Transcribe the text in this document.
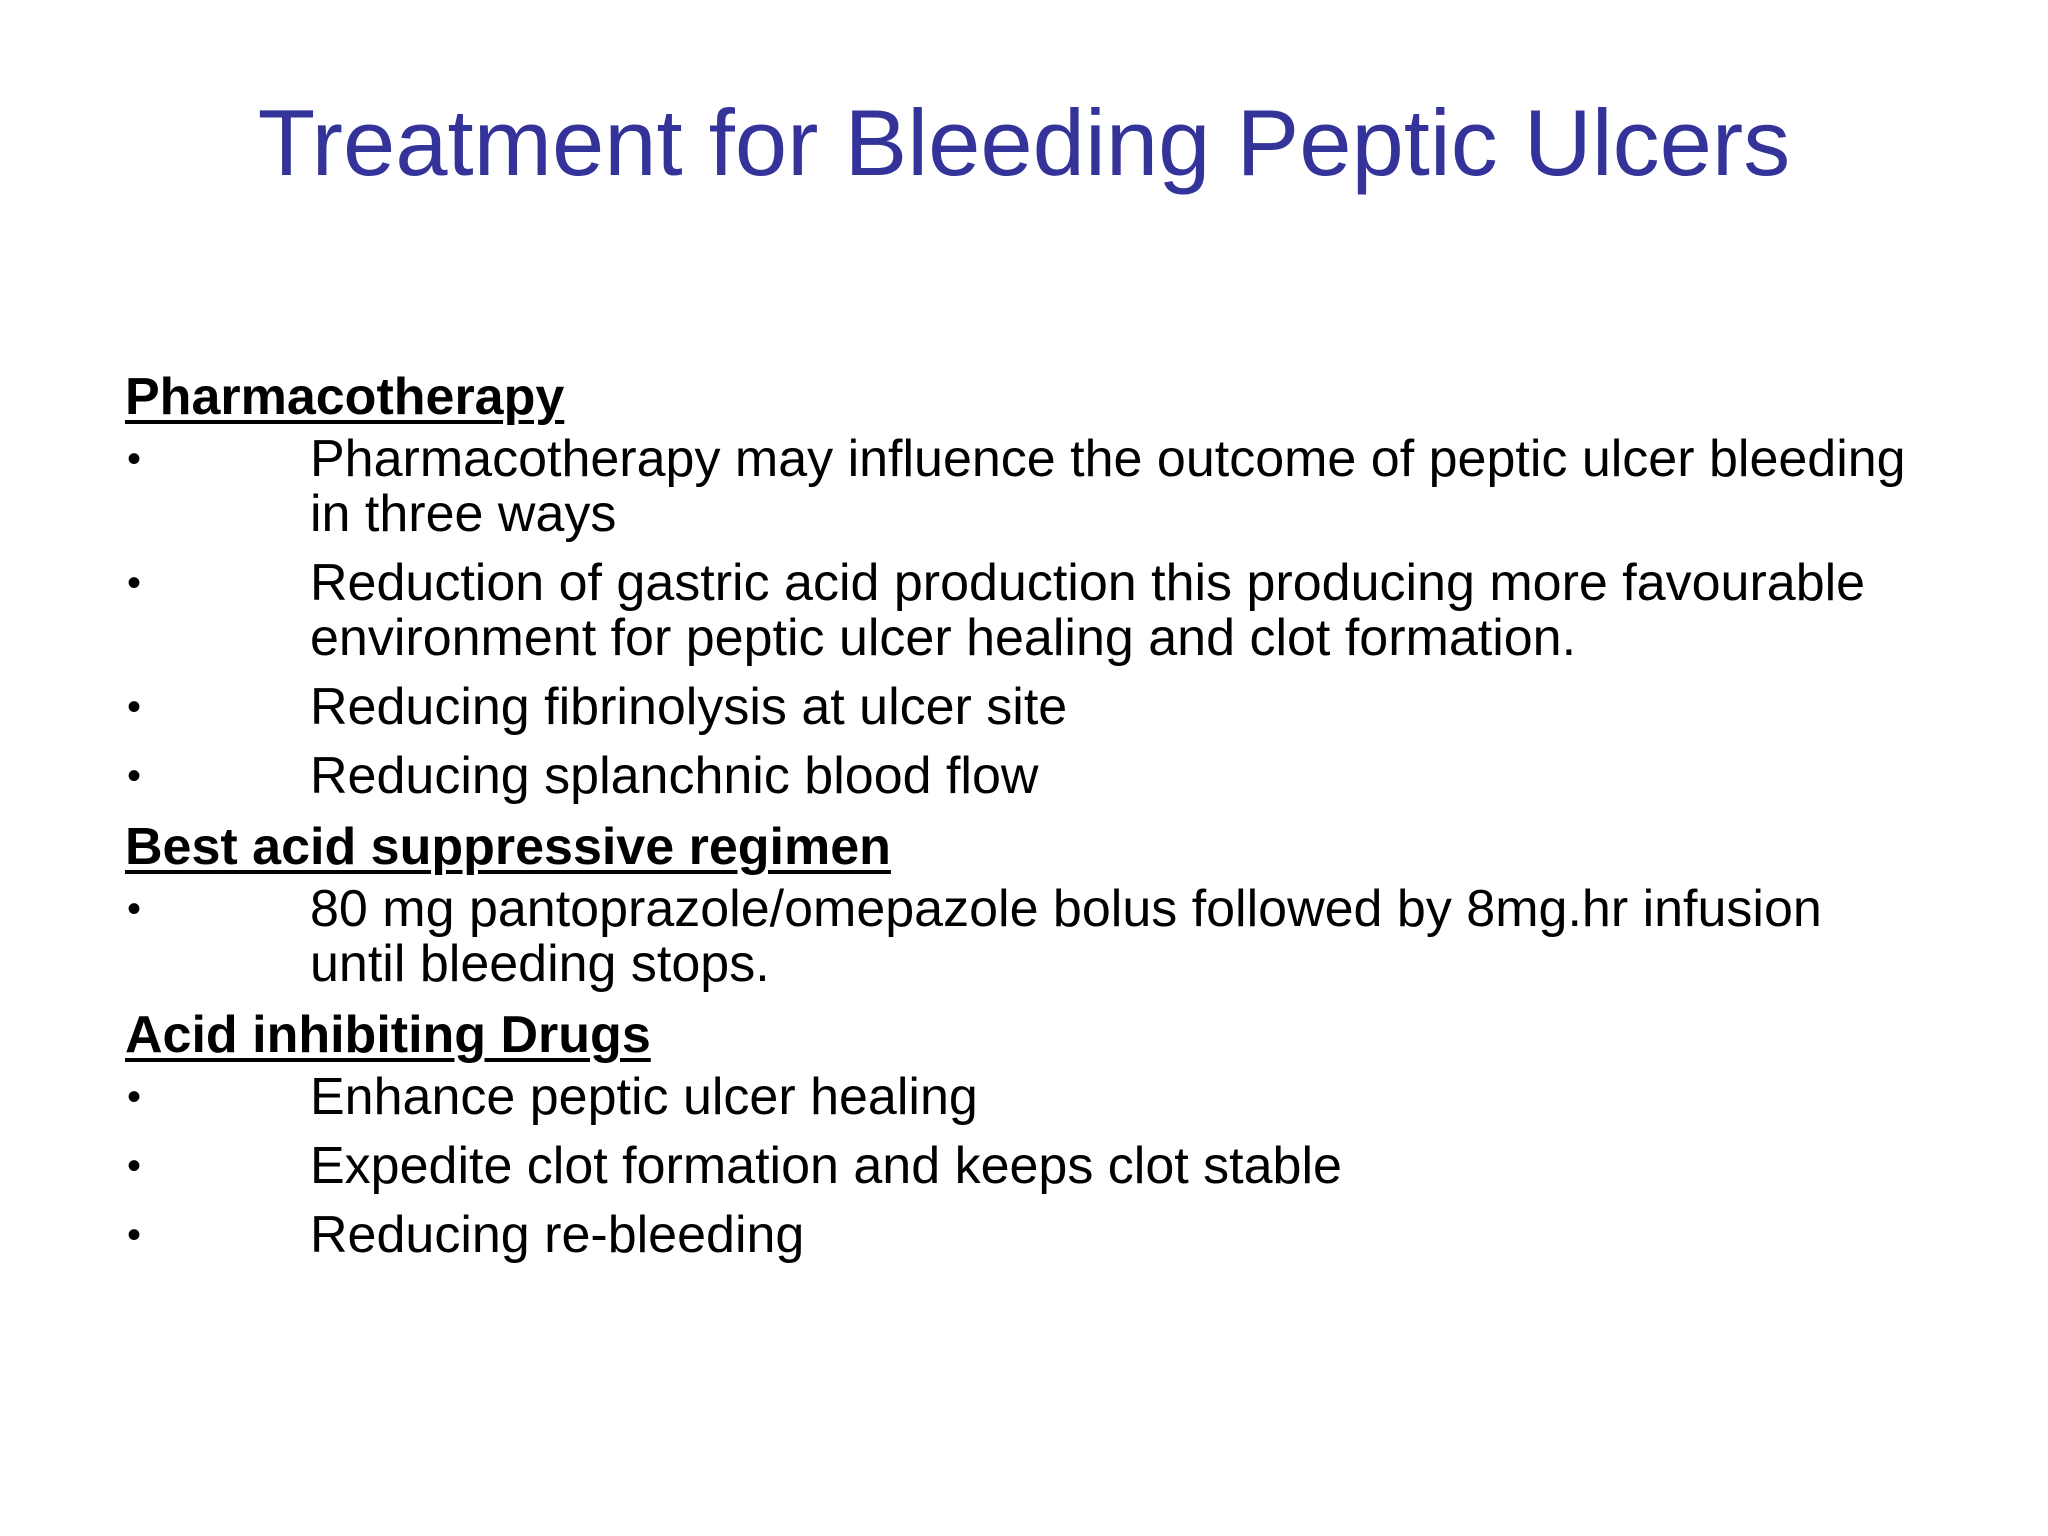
Treatment for Bleeding Peptic Ulcers
Pharmacotherapy
•	Pharmacotherapy may influence the outcome of peptic ulcer bleeding in three ways
•	Reduction of gastric acid production this producing more favourable environment for peptic ulcer healing and clot formation.
•	Reducing fibrinolysis at ulcer site
•	Reducing splanchnic blood flow
Best acid suppressive regimen
•	80 mg pantoprazole/omepazole bolus followed by 8mg.hr infusion until bleeding stops.
Acid inhibiting Drugs
•	Enhance peptic ulcer healing
•	Expedite clot formation and keeps clot stable
•	Reducing re-bleeding
